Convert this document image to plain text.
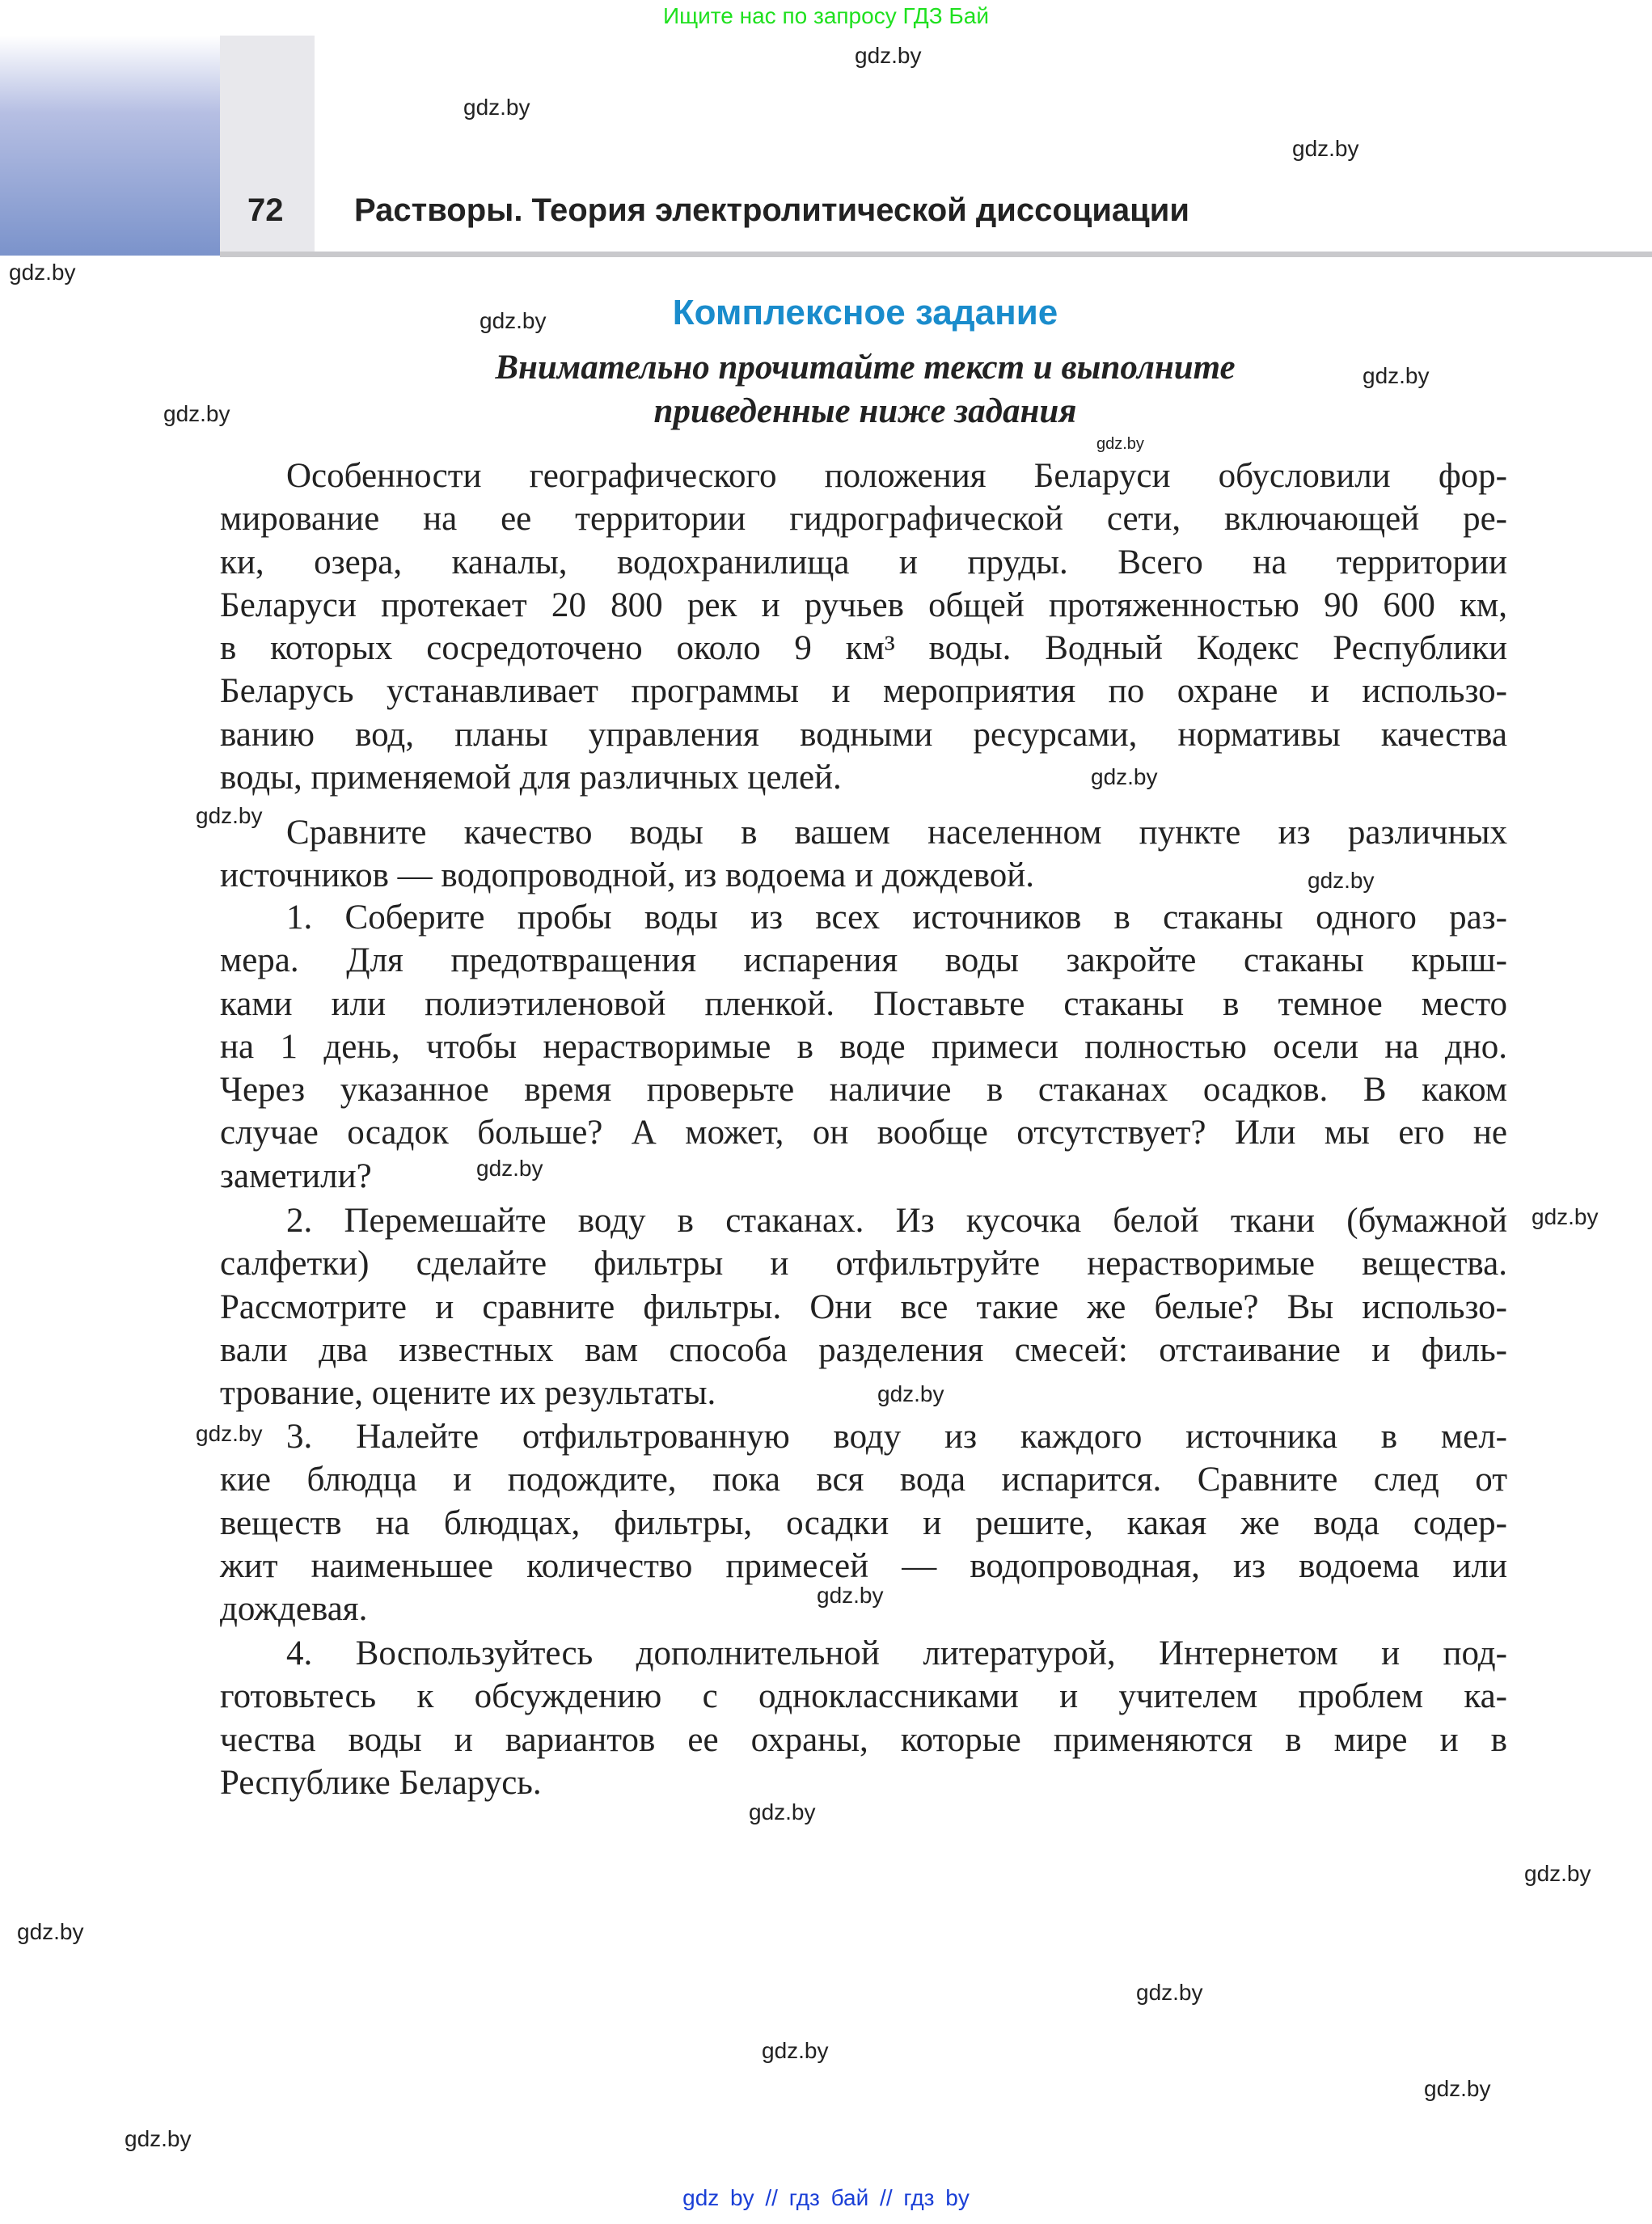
Ищите нас по запросу ГДЗ Бай
72 Растворы. Теория электролитической диссоциации
Комплексное задание
Внимательно прочитайте текст и выполните
приведенные ниже задания
Особенности географического положения Беларуси обусловили фор-
мирование на ее территории гидрографической сети, включающей ре-
ки, озера, каналы, водохранилища и пруды. Всего на территории
Беларуси протекает 20 800 рек и ручьев общей протяженностью 90 600 км,
в которых сосредоточено около 9 км³ воды. Водный Кодекс Республики
Беларусь устанавливает программы и мероприятия по охране и использо-
ванию вод, планы управления водными ресурсами, нормативы качества
воды, применяемой для различных целей.
Сравните качество воды в вашем населенном пункте из различных
источников — водопроводной, из водоема и дождевой.
1. Соберите пробы воды из всех источников в стаканы одного раз-
мера. Для предотвращения испарения воды закройте стаканы крыш-
ками или полиэтиленовой пленкой. Поставьте стаканы в темное место
на 1 день, чтобы нерастворимые в воде примеси полностью осели на дно.
Через указанное время проверьте наличие в стаканах осадков. В каком
случае осадок больше? А может, он вообще отсутствует? Или мы его не
заметили?
2. Перемешайте воду в стаканах. Из кусочка белой ткани (бумажной
салфетки) сделайте фильтры и отфильтруйте нерастворимые вещества.
Рассмотрите и сравните фильтры. Они все такие же белые? Вы использо-
вали два известных вам способа разделения смесей: отстаивание и филь-
трование, оцените их результаты.
3. Налейте отфильтрованную воду из каждого источника в мел-
кие блюдца и подождите, пока вся вода испарится. Сравните след от
веществ на блюдцах, фильтры, осадки и решите, какая же вода содер-
жит наименьшее количество примесей — водопроводная, из водоема или
дождевая.
4. Воспользуйтесь дополнительной литературой, Интернетом и под-
готовьтесь к обсуждению с одноклассниками и учителем проблем ка-
чества воды и вариантов ее охраны, которые применяются в мире и в
Республике Беларусь.
gdz.by
gdz.by
gdz.by
gdz.by
gdz.by
gdz.by
gdz.by
gdz.by
gdz.by
gdz.by
gdz.by
gdz.by
gdz.by
gdz.by
gdz.by
gdz.by
gdz.by
gdz.by
gdz.by
gdz.by
gdz.by
gdz.by
gdz.by
gdz by // гдз бай // гдз by
